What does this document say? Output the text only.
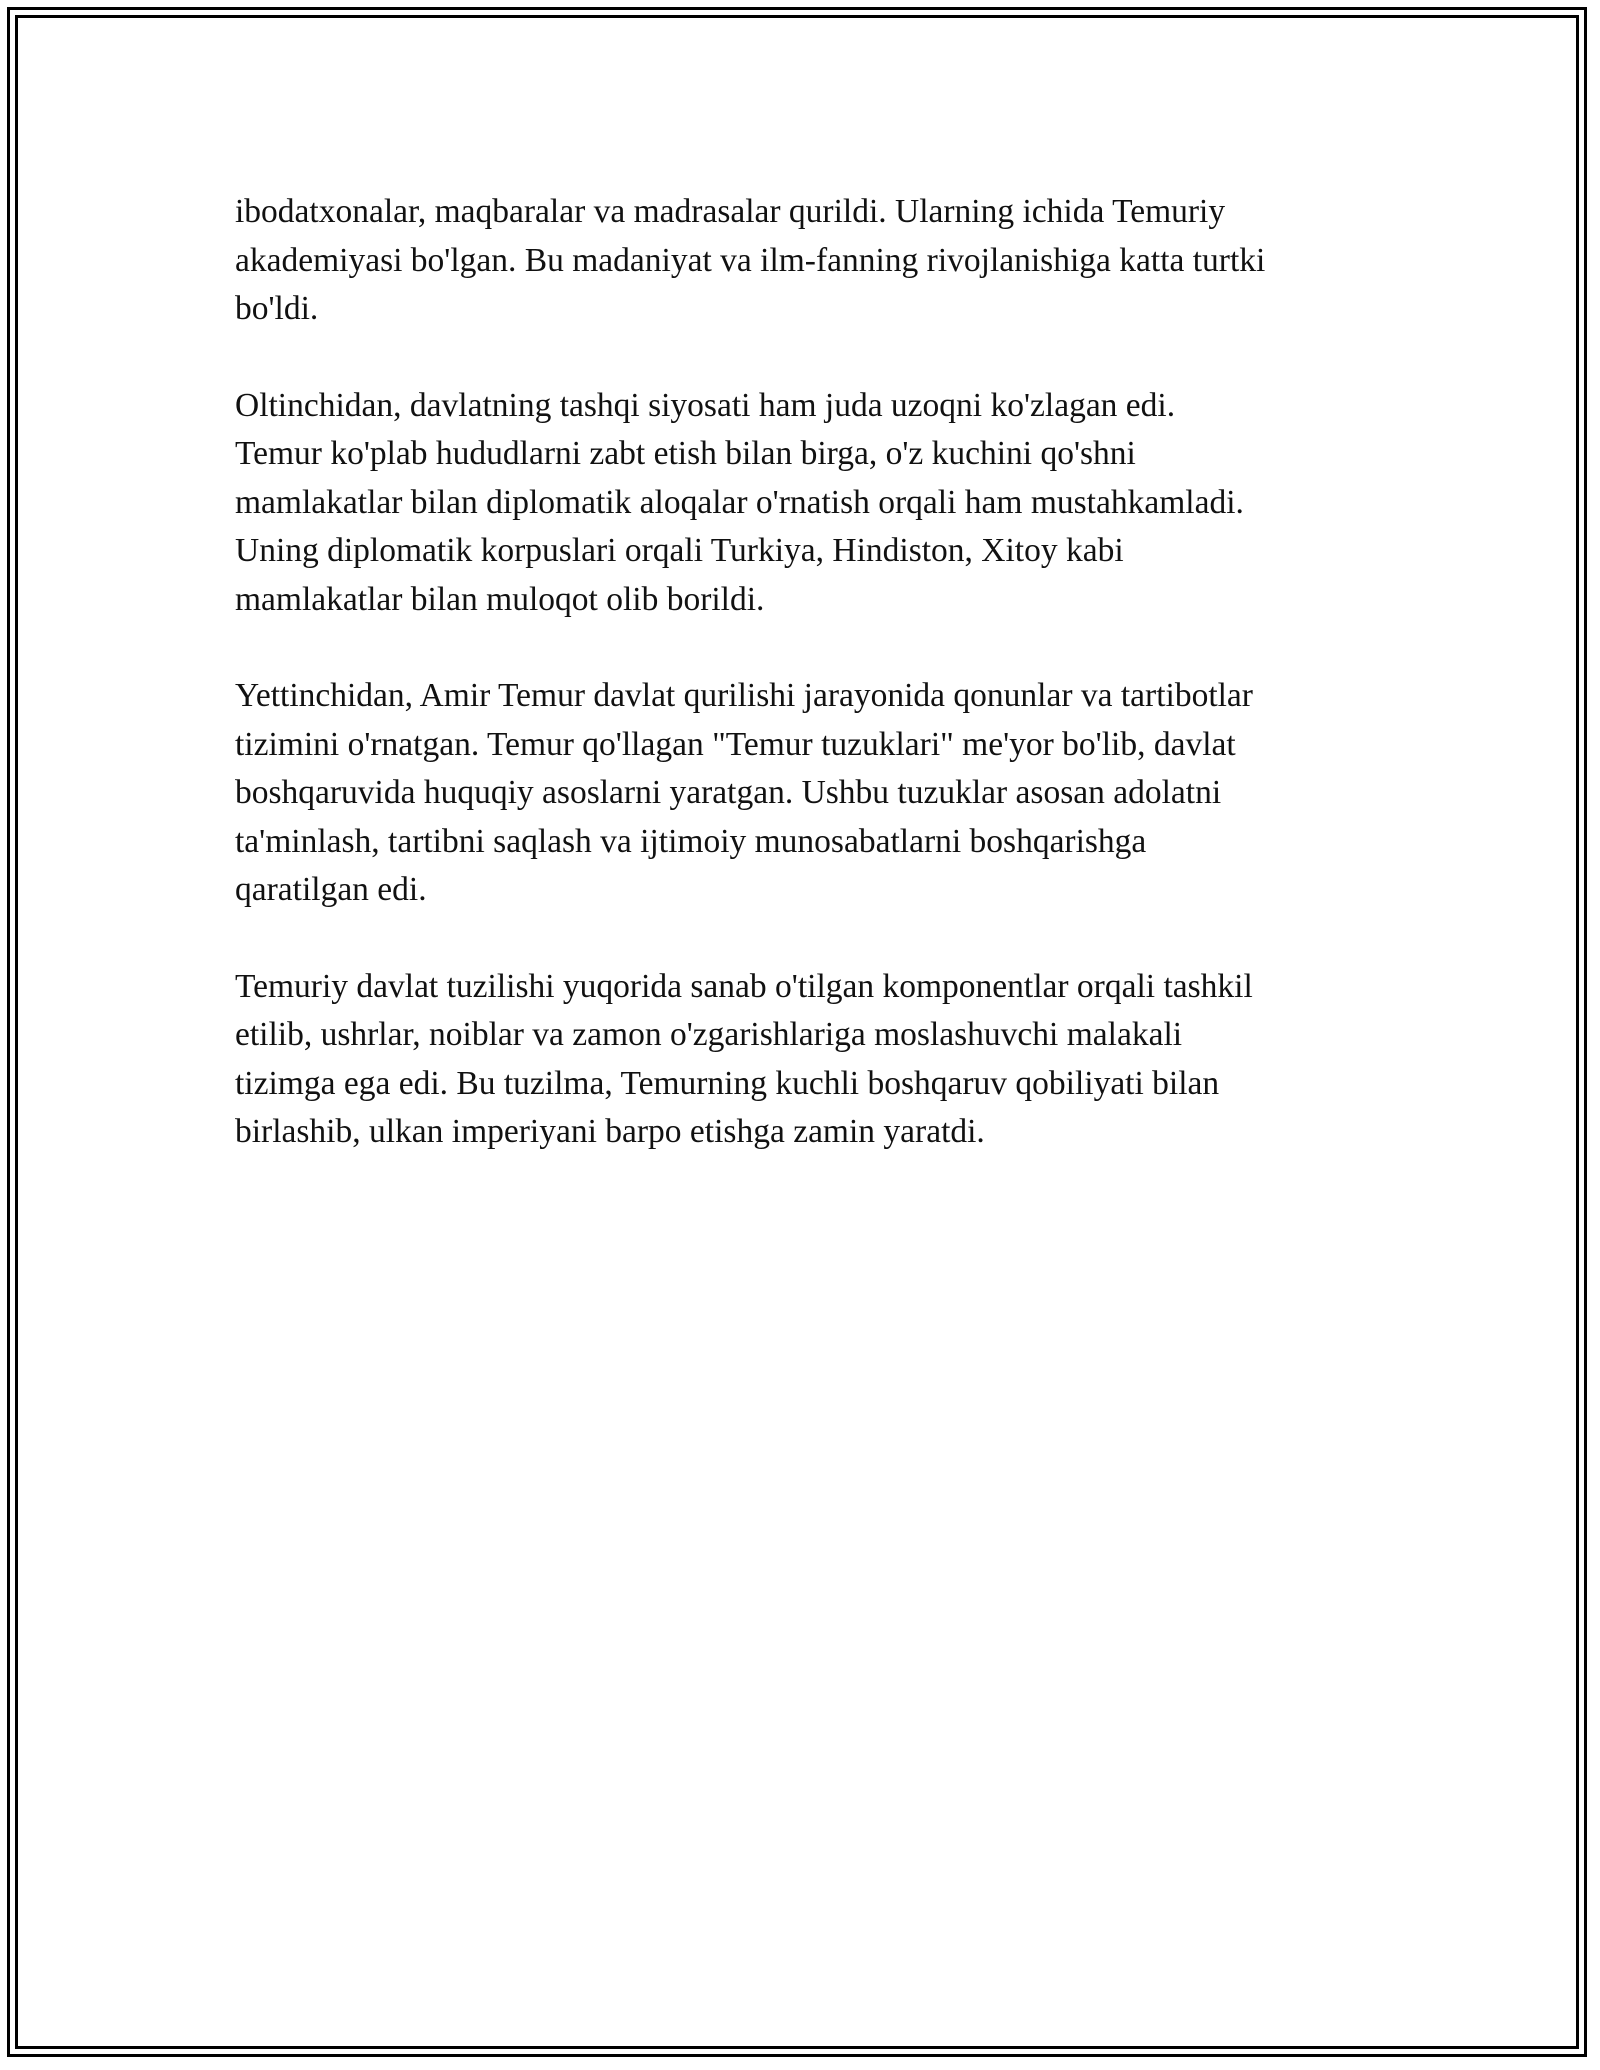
ibodatxonalar, maqbaralar va madrasalar qurildi. Ularning ichida Temuriy
akademiyasi bo'lgan. Bu madaniyat va ilm-fanning rivojlanishiga katta turtki
bo'ldi.

Oltinchidan, davlatning tashqi siyosati ham juda uzoqni ko'zlagan edi.
Temur ko'plab hududlarni zabt etish bilan birga, o'z kuchini qo'shni
mamlakatlar bilan diplomatik aloqalar o'rnatish orqali ham mustahkamladi.
Uning diplomatik korpuslari orqali Turkiya, Hindiston, Xitoy kabi
mamlakatlar bilan muloqot olib borildi.

Yettinchidan, Amir Temur davlat qurilishi jarayonida qonunlar va tartibotlar
tizimini o'rnatgan. Temur qo'llagan "Temur tuzuklari" me'yor bo'lib, davlat
boshqaruvida huquqiy asoslarni yaratgan. Ushbu tuzuklar asosan adolatni
ta'minlash, tartibni saqlash va ijtimoiy munosabatlarni boshqarishga
qaratilgan edi.

Temuriy davlat tuzilishi yuqorida sanab o'tilgan komponentlar orqali tashkil
etilib, ushrlar, noiblar va zamon o'zgarishlariga moslashuvchi malakali
tizimga ega edi. Bu tuzilma, Temurning kuchli boshqaruv qobiliyati bilan
birlashib, ulkan imperiyani barpo etishga zamin yaratdi.
